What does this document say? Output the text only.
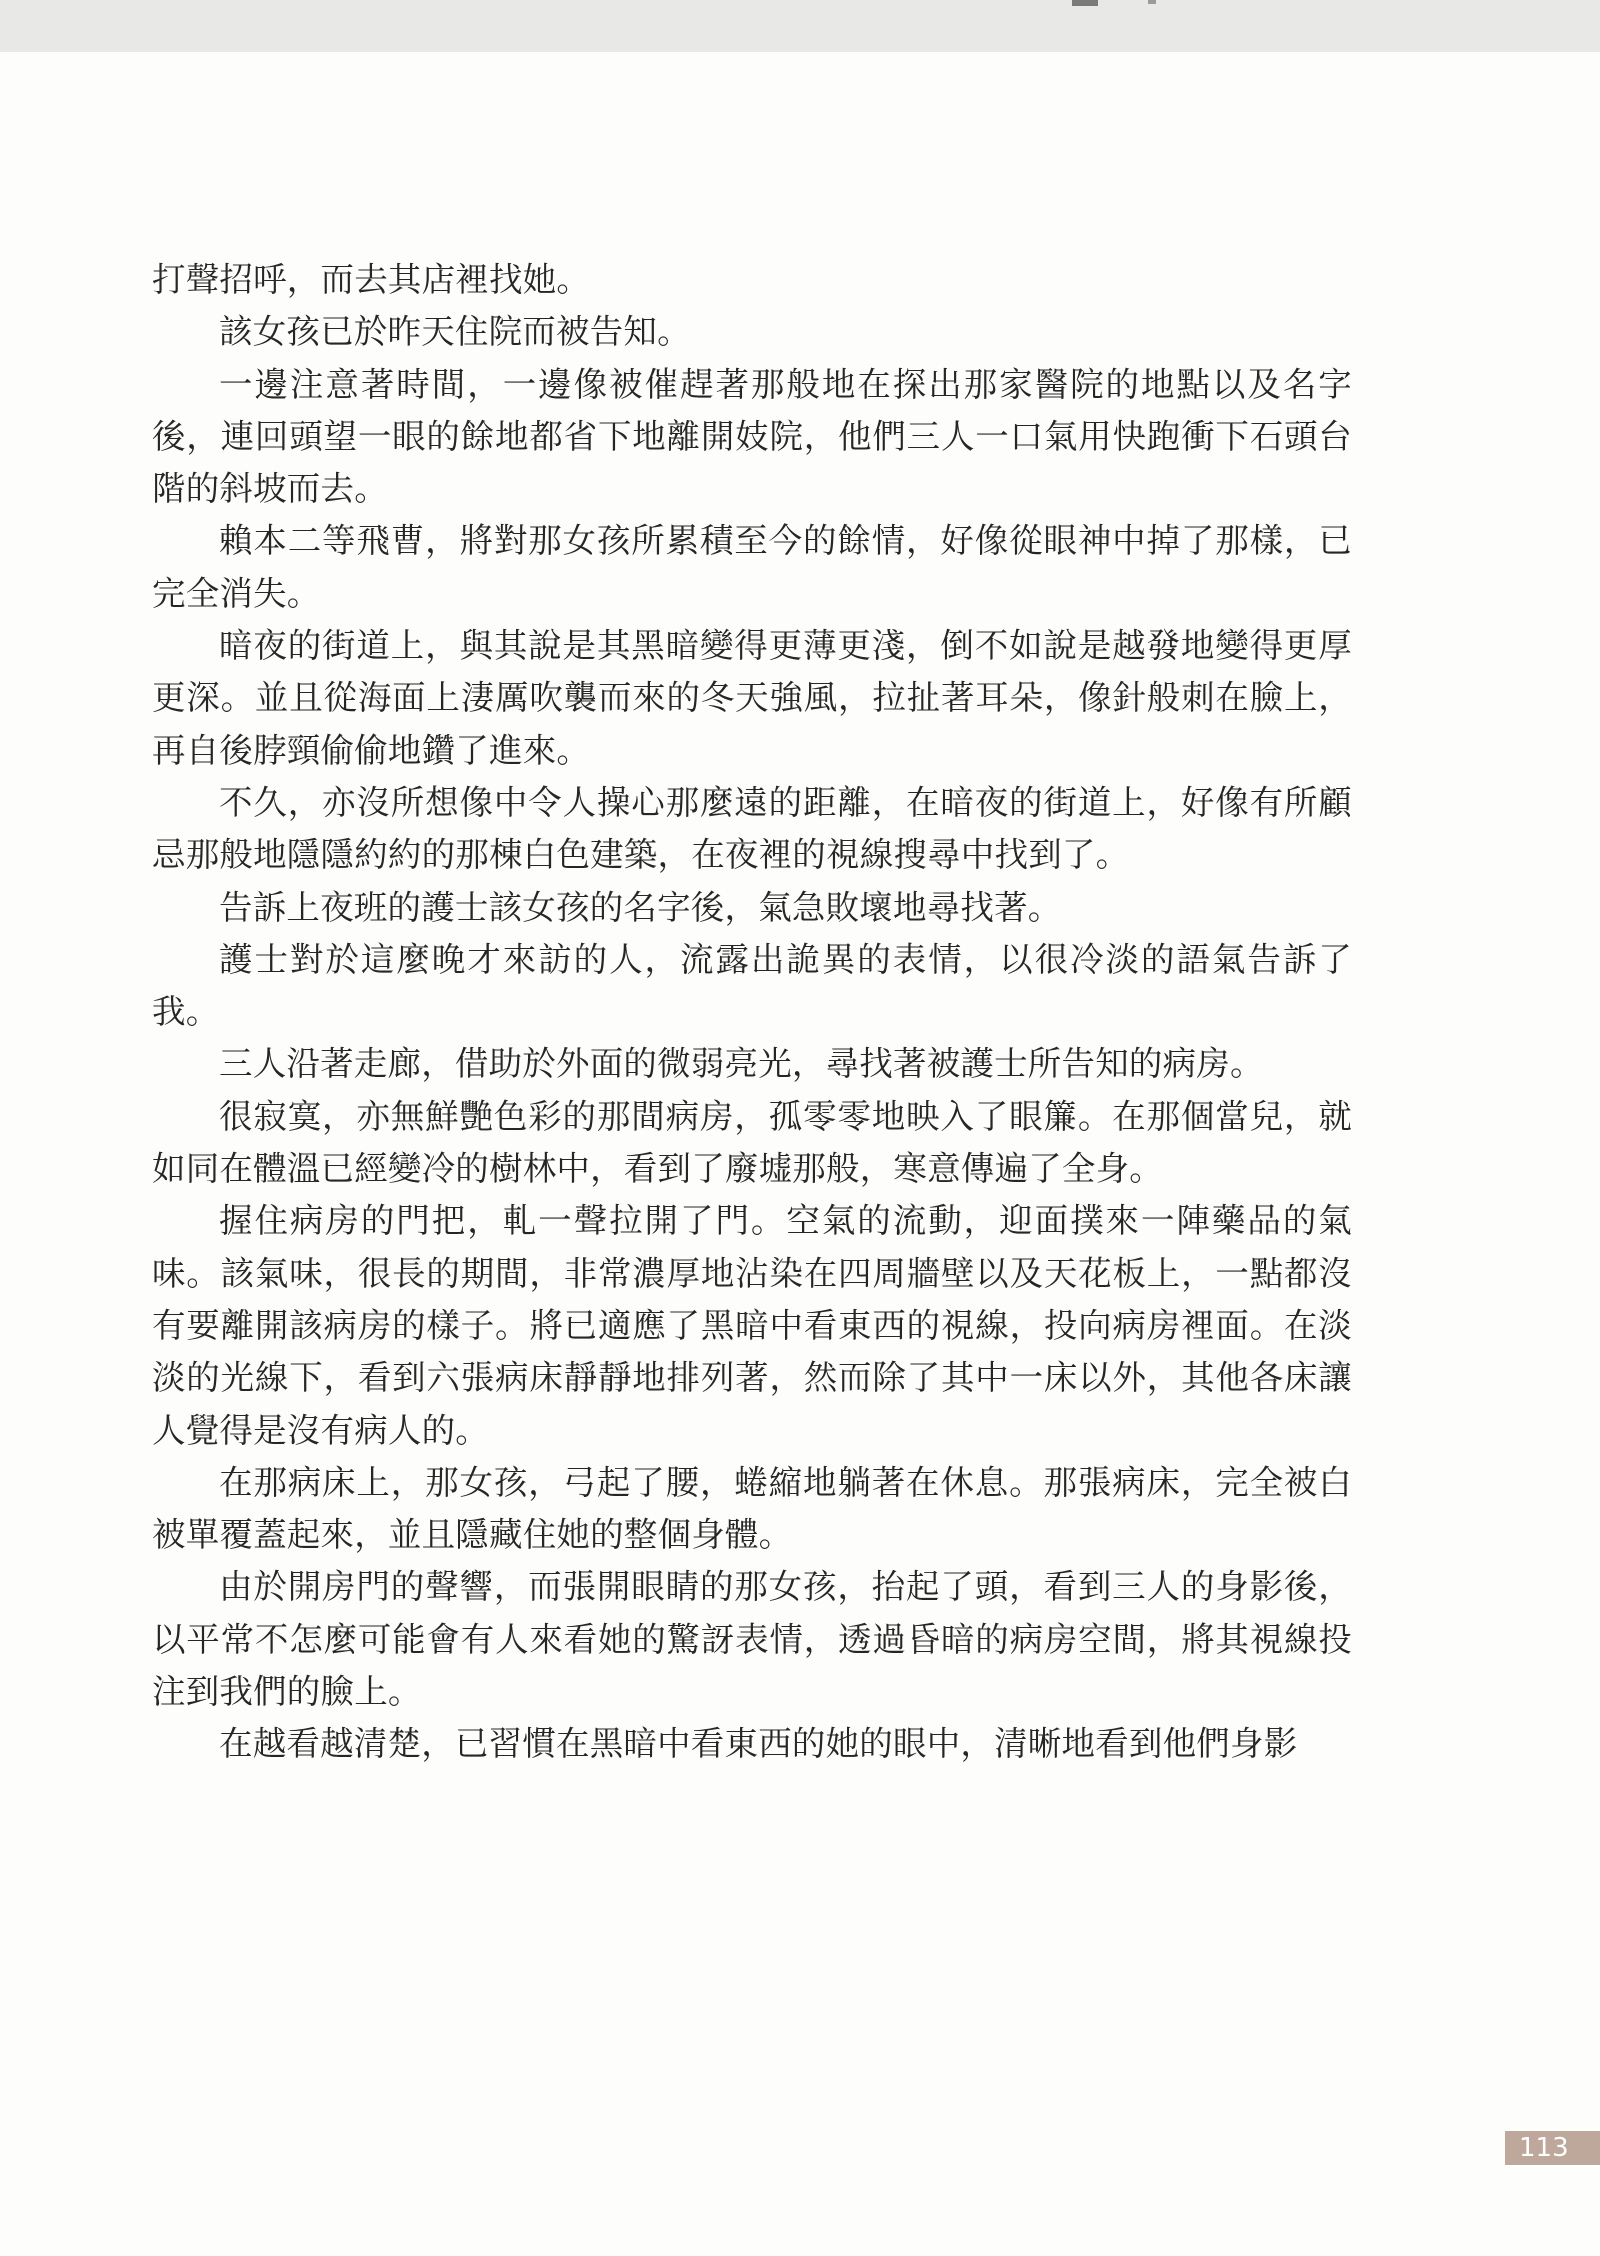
打聲招呼，而去其店裡找她。

該女孩已於昨天住院而被告知。

一邊注意著時間，一邊像被催趕著那般地在探出那家醫院的地點以及名字後，連回頭望一眼的餘地都省下地離開妓院，他們三人一口氣用快跑衝下石頭台階的斜坡而去。

賴本二等飛曹，將對那女孩所累積至今的餘情，好像從眼神中掉了那樣，已完全消失。

暗夜的街道上，與其說是其黑暗變得更薄更淺，倒不如說是越發地變得更厚更深。並且從海面上淒厲吹襲而來的冬天強風，拉扯著耳朵，像針般刺在臉上，再自後脖頸偷偷地鑽了進來。

不久，亦沒所想像中令人操心那麼遠的距離，在暗夜的街道上，好像有所顧忌那般地隱隱約約的那棟白色建築，在夜裡的視線搜尋中找到了。

告訴上夜班的護士該女孩的名字後，氣急敗壞地尋找著。

護士對於這麼晚才來訪的人，流露出詭異的表情，以很冷淡的語氣告訴了我。

三人沿著走廊，借助於外面的微弱亮光，尋找著被護士所告知的病房。

很寂寞，亦無鮮艷色彩的那間病房，孤零零地映入了眼簾。在那個當兒，就如同在體溫已經變冷的樹林中，看到了廢墟那般，寒意傳遍了全身。

握住病房的門把，軋一聲拉開了門。空氣的流動，迎面撲來一陣藥品的氣味。該氣味，很長的期間，非常濃厚地沾染在四周牆壁以及天花板上，一點都沒有要離開該病房的樣子。將已適應了黑暗中看東西的視線，投向病房裡面。在淡淡的光線下，看到六張病床靜靜地排列著，然而除了其中一床以外，其他各床讓人覺得是沒有病人的。

在那病床上，那女孩，弓起了腰，蜷縮地躺著在休息。那張病床，完全被白被單覆蓋起來，並且隱藏住她的整個身體。

由於開房門的聲響，而張開眼睛的那女孩，抬起了頭，看到三人的身影後，以平常不怎麼可能會有人來看她的驚訝表情，透過昏暗的病房空間，將其視線投注到我們的臉上。

在越看越清楚，已習慣在黑暗中看東西的她的眼中，清晰地看到他們身影

113
